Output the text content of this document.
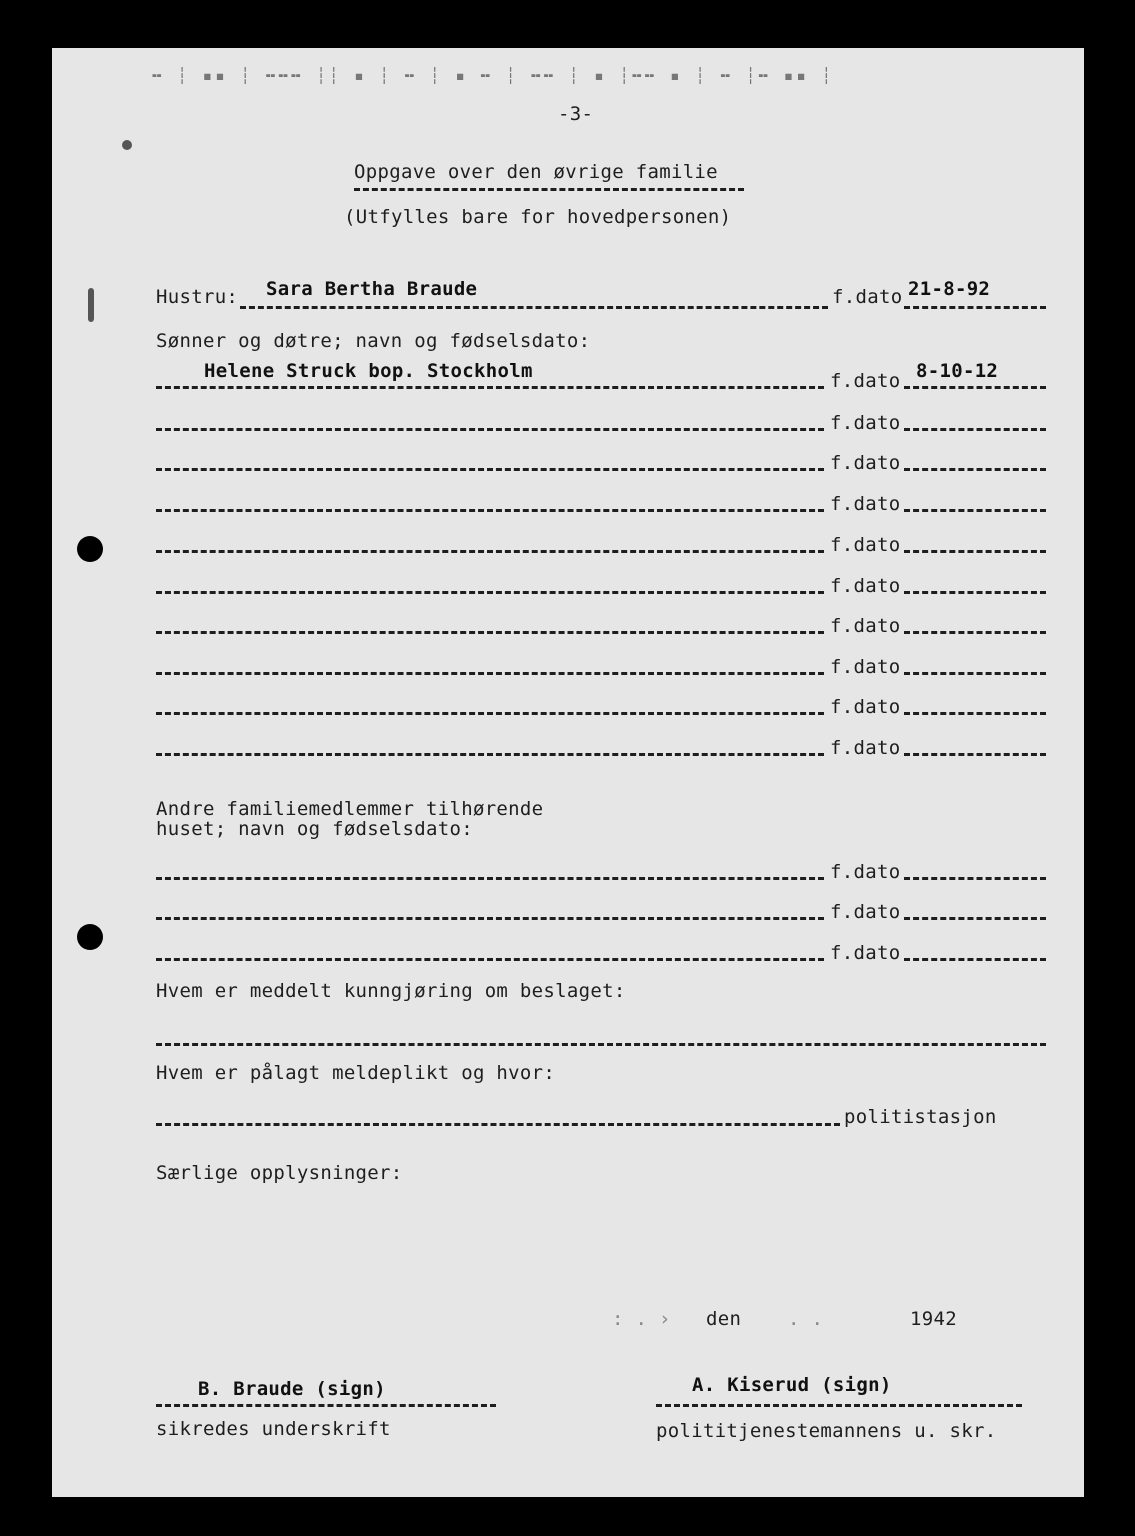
╍ ┆ ▪▪ ┆ ╍╍╍ ┆┆ ▪ ┆ ╍ ┆ ▪ ╍ ┆ ╍╍ ┆ ▪ ┆╍╍ ▪ ┆ ╍ ┆╍ ▪▪ ┆
-3-
Oppgave over den øvrige familie
(Utfylles bare for hovedpersonen)
Hustru: Sara Bertha Braude	f.dato 21-8-92
Sønner og døtre; navn og fødselsdato:
Helene Struck bop. Stockholm	f.dato 8-10-12
f.dato
f.dato
f.dato
f.dato
f.dato
f.dato
f.dato
f.dato
f.dato
Andre familiemedlemmer tilhørende
huset; navn og fødselsdato:
f.dato
f.dato
f.dato
Hvem er meddelt kunngjøring om beslaget:
Hvem er pålagt meldeplikt og hvor:
politistasjon
Særlige opplysninger:
: . › den . .	1942
B. Braude (sign)
sikredes underskrift
A. Kiserud (sign)
polititjenestemannens u. skr.
